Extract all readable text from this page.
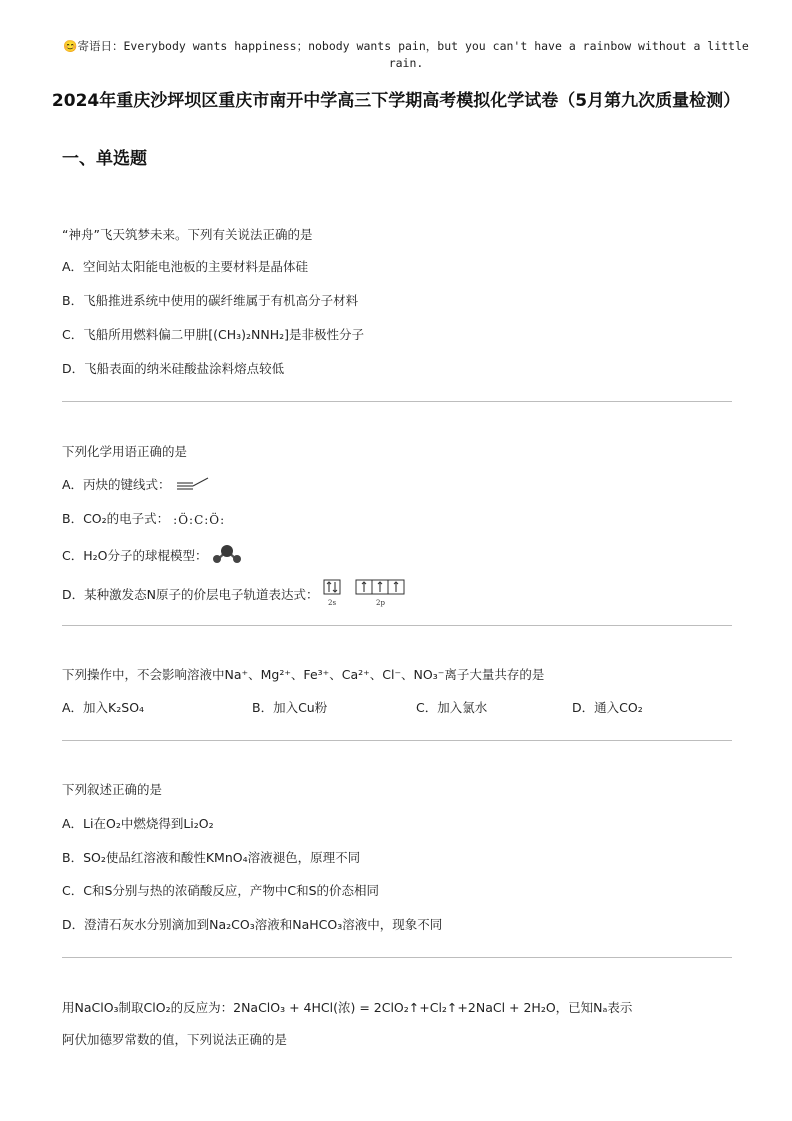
😊寄语日：Everybody wants happiness；nobody wants pain，but you can't have a rainbow without a little rain.
2024年重庆沙坪坝区重庆市南开中学高三下学期高考模拟化学试卷（5月第九次质量检测）
一、单选题
“神舟”飞天筑梦未来。下列有关说法正确的是
A．空间站太阳能电池板的主要材料是晶体硅
B．飞船推进系统中使用的碳纤维属于有机高分子材料
C．飞船所用燃料偏二甲肼[(CH₃)₂NNH₂]是非极性分子
D．飞船表面的纳米硅酸盐涂料熔点较低
下列化学用语正确的是
A．丙炔的键线式：
B．CO₂的电子式： :Ö:C:Ö:
C．H₂O分子的球棍模型：
D．某种激发态N原子的价层电子轨道表达式：
2s	2p
下列操作中，不会影响溶液中Na⁺、Mg²⁺、Fe³⁺、Ca²⁺、Cl⁻、NO₃⁻离子大量共存的是
A．加入K₂SO₄	B．加入Cu粉	C．加入氯水	D．通入CO₂
下列叙述正确的是
A．Li在O₂中燃烧得到Li₂O₂
B．SO₂使品红溶液和酸性KMnO₄溶液褪色，原理不同
C．C和S分别与热的浓硝酸反应，产物中C和S的价态相同
D．澄清石灰水分别滴加到Na₂CO₃溶液和NaHCO₃溶液中，现象不同
用NaClO₃制取ClO₂的反应为：2NaClO₃ + 4HCl(浓) = 2ClO₂↑+Cl₂↑+2NaCl + 2H₂O，已知Nₐ表示
阿伏加德罗常数的值，下列说法正确的是
